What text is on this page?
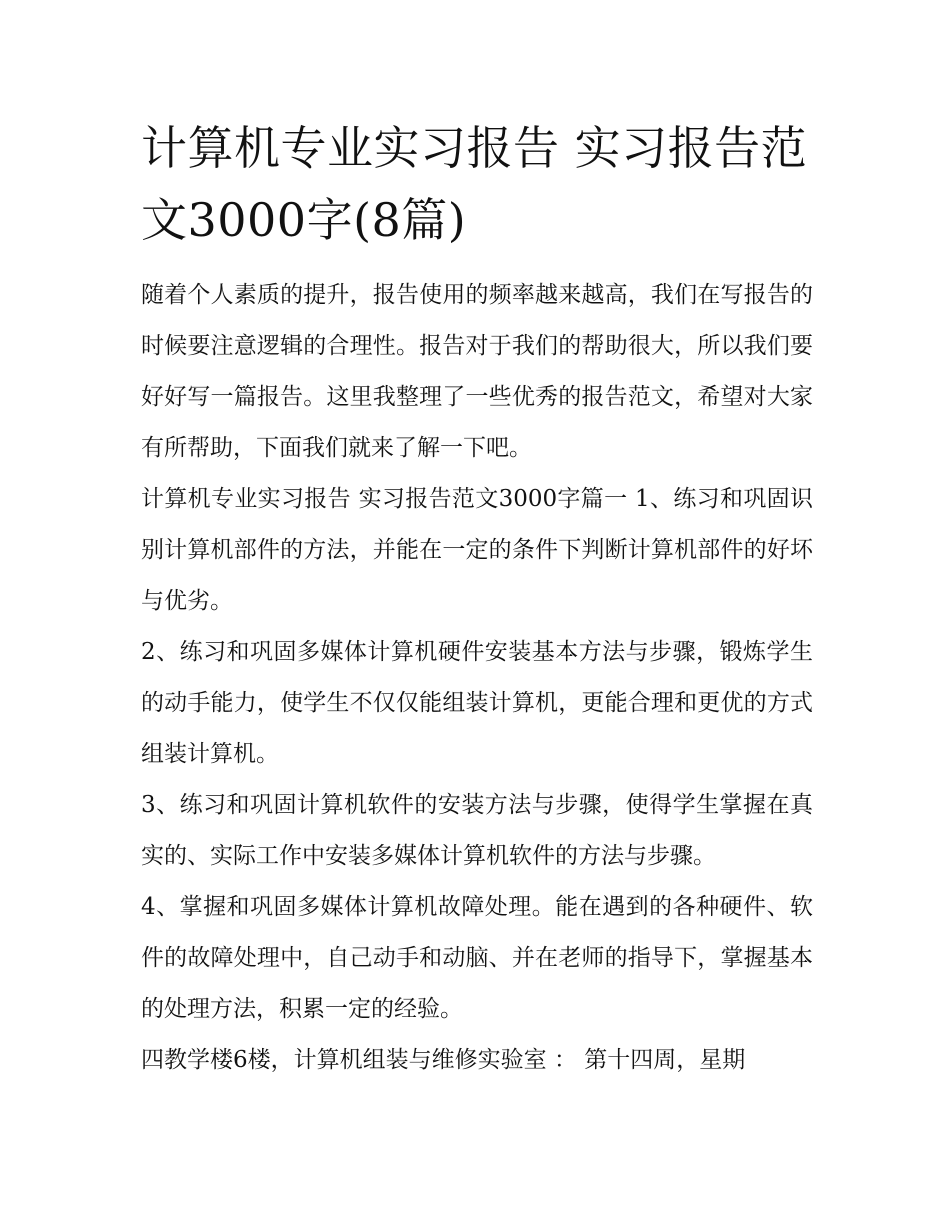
计算机专业实习报告 实习报告范文3000字(8篇)

随着个人素质的提升，报告使用的频率越来越高，我们在写报告的时候要注意逻辑的合理性。报告对于我们的帮助很大，所以我们要好好写一篇报告。这里我整理了一些优秀的报告范文，希望对大家有所帮助，下面我们就来了解一下吧。

计算机专业实习报告 实习报告范文3000字篇一 1、练习和巩固识别计算机部件的方法，并能在一定的条件下判断计算机部件的好坏与优劣。

2、练习和巩固多媒体计算机硬件安装基本方法与步骤，锻炼学生的动手能力，使学生不仅仅能组装计算机，更能合理和更优的方式组装计算机。

3、练习和巩固计算机软件的安装方法与步骤，使得学生掌握在真实的、实际工作中安装多媒体计算机软件的方法与步骤。

4、掌握和巩固多媒体计算机故障处理。能在遇到的各种硬件、软件的故障处理中，自己动手和动脑、并在老师的指导下，掌握基本的处理方法，积累一定的经验。

四教学楼6楼，计算机组装与维修实验室 ： 第十四周，星期
